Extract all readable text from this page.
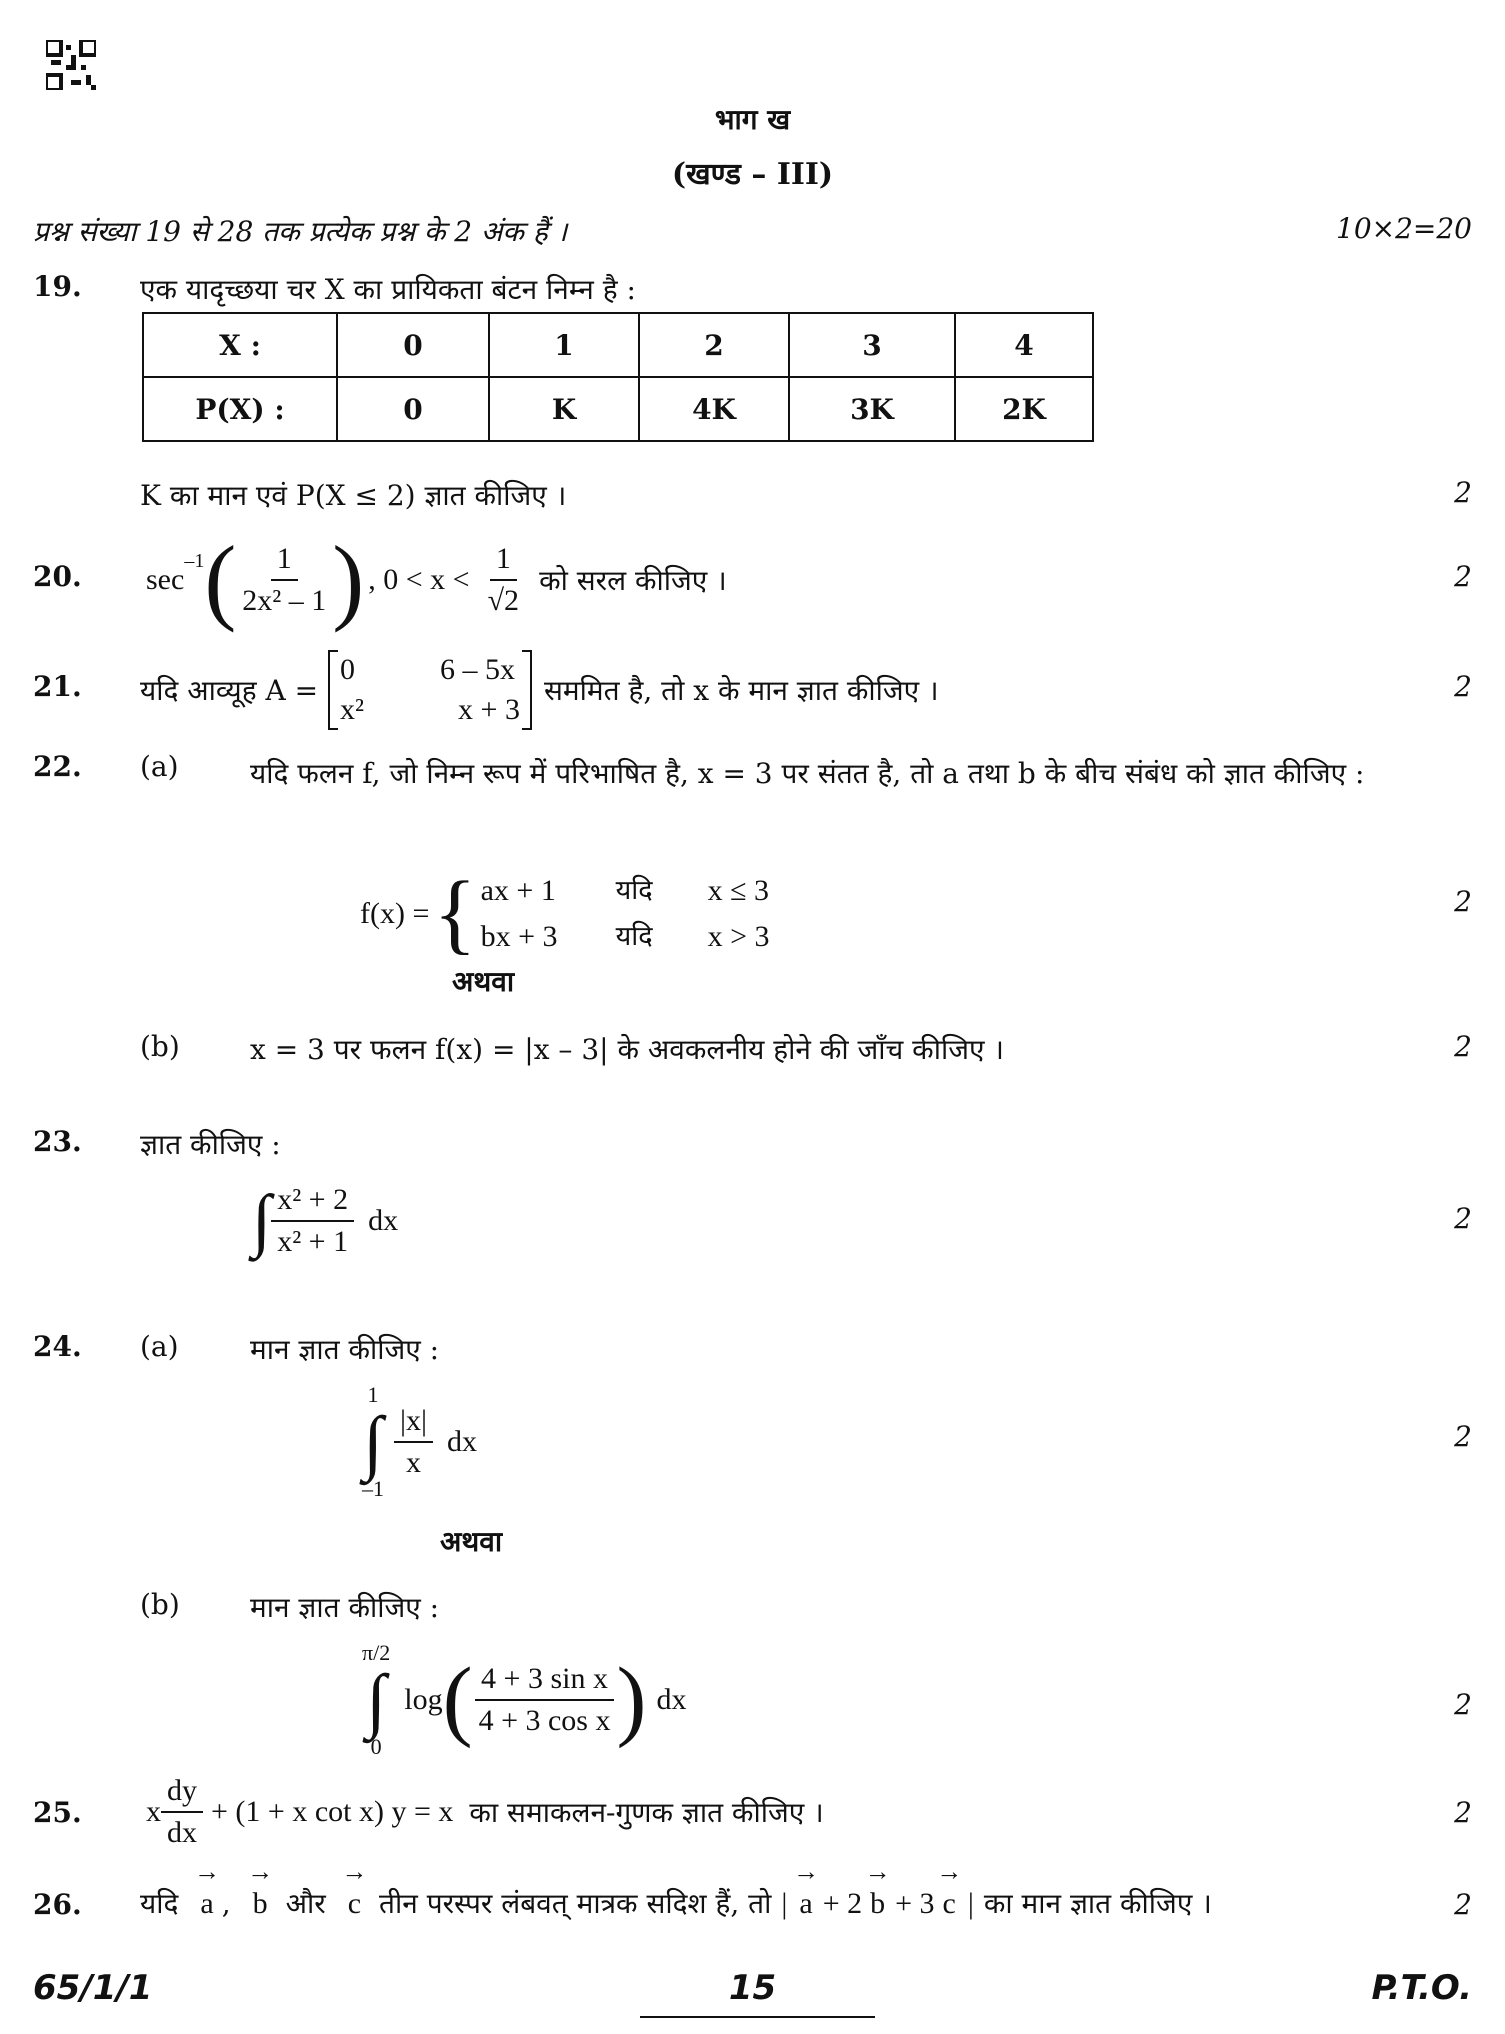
भाग ख
(खण्ड – III)
प्रश्न संख्या 19 से 28 तक प्रत्येक प्रश्न के 2 अंक हैं ।	10×2=20
19. एक यादृच्छया चर X का प्रायिकता बंटन निम्न है :
X :	0	1	2	3	4
P(X) :	0	K	4K	3K	2K
K का मान एवं P(X ≤ 2) ज्ञात कीजिए ।	2
20. sec
$^{-1}$ ( $\frac{1}{\text{2x² – 1}}$ ) , $0 < x < \frac{1}{√2}$ को सरल कीजिए ।	2
21. यदि आव्यूह A =
0	6 – 5x
x²	x + 3
सममित है, तो x के मान ज्ञात कीजिए ।	2
22. (a)	यदि फलन f, जो निम्न रूप में परिभाषित है, x = 3 पर संतत है, तो a तथा b के बीच संबंध को ज्ञात कीजिए :
f(x) = { ax + 1	यदि	x ≤ 3
bx + 3	यदि	x > 3
2
अथवा
(b)	x = 3 पर फलन f(x) = |x – 3| के अवकलनीय होने की जाँच कीजिए ।	2
23. ज्ञात कीजिए :
∫ $\frac{\text{x² + 2}}{\text{x² + 1}}$ dx	2
24. (a)	मान ज्ञात कीजिए :
1
∫
–1
$\frac{|x|}{x}$ dx	2
अथवा
(b)	मान ज्ञात कीजिए :
π/2
∫
0
log ( $\frac{\text{4 + 3 sin x}}{\text{4 + 3 cos x}}$ ) dx	2
25. x $\frac{dy}{dx} + (1 + x$ cot x) y = x का समाकलन-गुणक ज्ञात कीजिए ।	2
26. यदि → a , → b और → c तीन परस्पर लंबवत् मात्रक सदिश हैं, तो | → a + 2 → b + 3 → c | का मान ज्ञात कीजिए ।	2
65/1/1	15	P.T.O.
